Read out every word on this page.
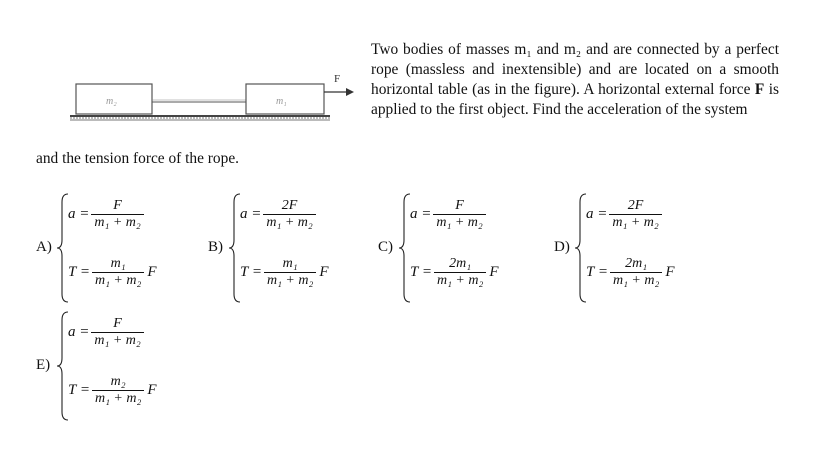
m₂	m₁
F
Two bodies of masses m₁ and m₂ and are connected by a perfect rope (massless and inextensible) and are located on a smooth horizontal table (as in the figure). A horizontal external force F is applied to the first object. Find the acceleration of the system
and the tension force of the rope.
A)
$a = \frac{F}{\text{m₁ + m₂}}$
$T = \frac{\text{m₁}}{\text{m₁ + m₂}}$ F
B)
$a = \frac{2F}{\text{m₁ + m₂}}$
$T = \frac{\text{m₁}}{\text{m₁ + m₂}}$ F
C)
$a = \frac{F}{\text{m₁ + m₂}}$
$T = \frac{\text{2m₁}}{\text{m₁ + m₂}}$ F
D)
$a = \frac{2F}{\text{m₁ + m₂}}$
$T = \frac{\text{2m₁}}{\text{m₁ + m₂}}$ F
E)
$a = \frac{F}{\text{m₁ + m₂}}$
$T = \frac{\text{m₂}}{\text{m₁ + m₂}}$ F
